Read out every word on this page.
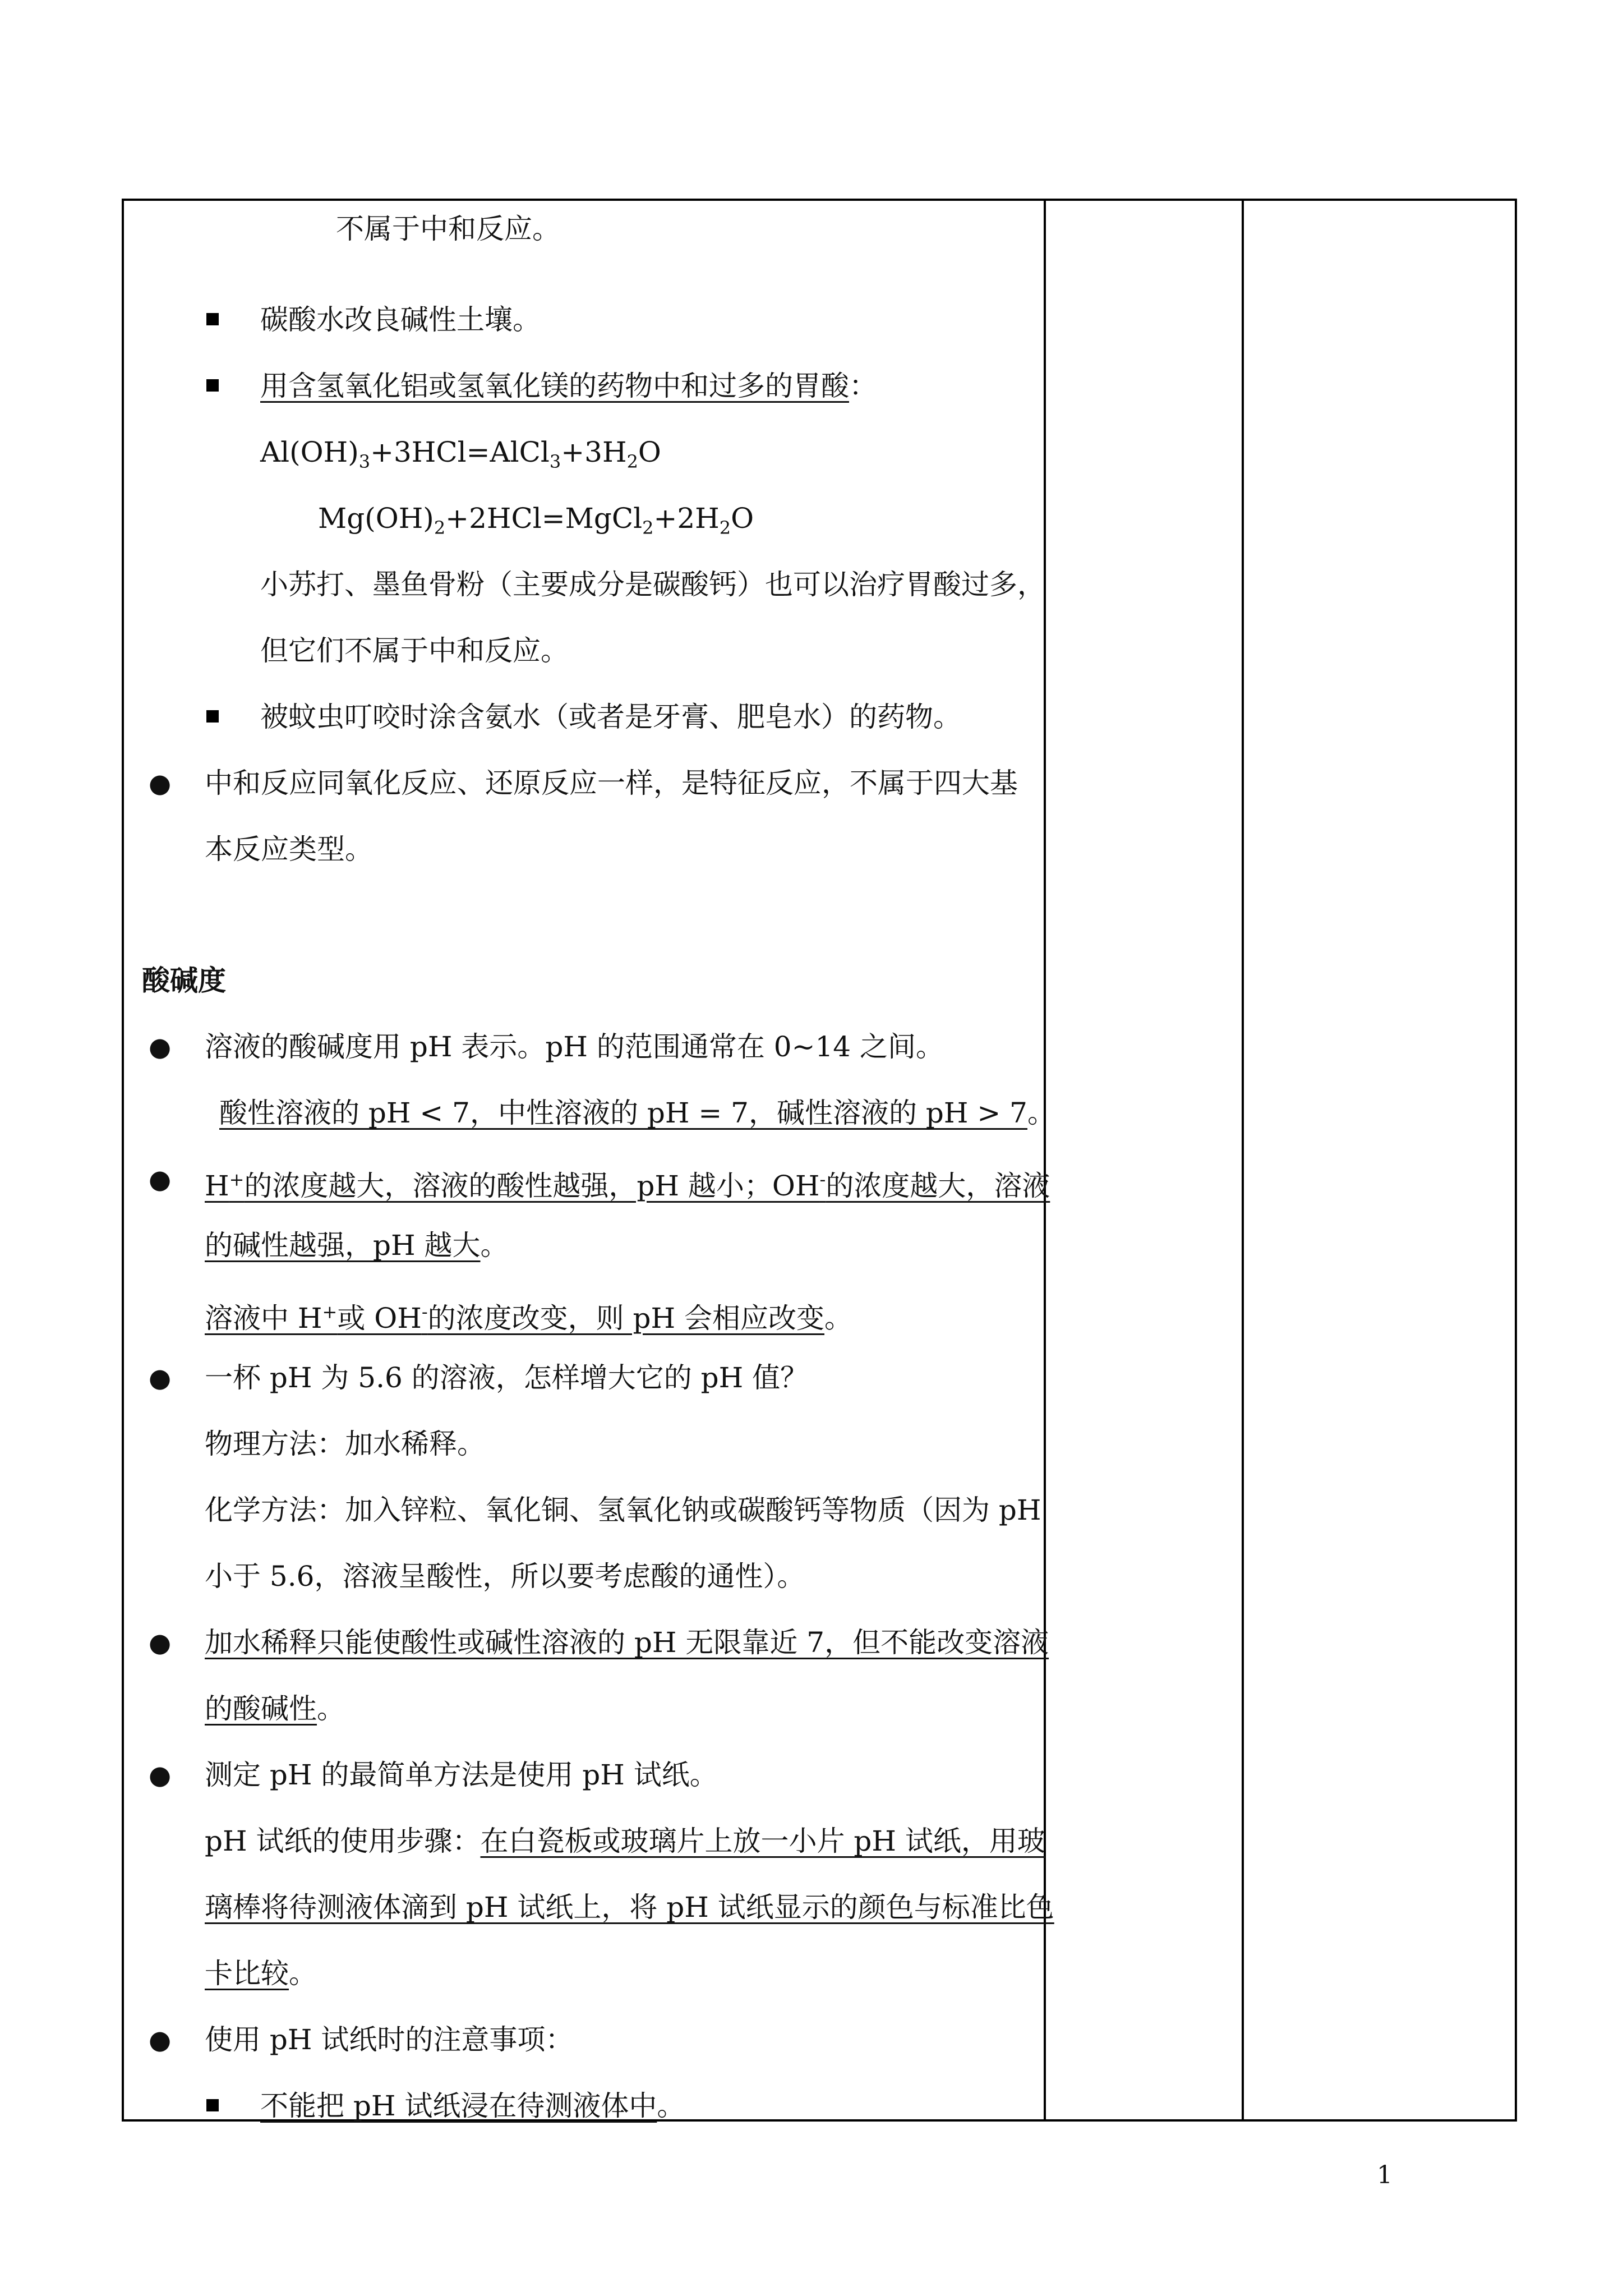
不属于中和反应。
碳酸水改良碱性土壤。
用含氢氧化铝或氢氧化镁的药物中和过多的胃酸：
$Al(OH)_3+3HCl=AlCl_3+3H_2O$
$Mg(OH)_2+2HCl=MgCl_2+2H_2O$
小苏打、墨鱼骨粉（主要成分是碳酸钙）也可以治疗胃酸过多，
但它们不属于中和反应。
被蚊虫叮咬时涂含氨水（或者是牙膏、肥皂水）的药物。
● 中和反应同氧化反应、还原反应一样，是特征反应，不属于四大基
本反应类型。
酸碱度
● 溶液的酸碱度用 pH 表示。pH 的范围通常在 0~14 之间。
酸性溶液的 pH < 7，中性溶液的 pH = 7，碱性溶液的 pH > 7。
● H+的浓度越大，溶液的酸性越强，pH 越小；OH-的浓度越大，溶液
的碱性越强，pH 越大。
溶液中 H+或 OH-的浓度改变，则 pH 会相应改变。
● 一杯 pH 为 5.6 的溶液，怎样增大它的 pH 值？
物理方法：加水稀释。
化学方法：加入锌粒、氧化铜、氢氧化钠或碳酸钙等物质（因为 pH
小于 5.6，溶液呈酸性，所以要考虑酸的通性）。
● 加水稀释只能使酸性或碱性溶液的 pH 无限靠近 7，但不能改变溶液
的酸碱性。
● 测定 pH 的最简单方法是使用 pH 试纸。
pH 试纸的使用步骤：在白瓷板或玻璃片上放一小片 pH 试纸，用玻
璃棒将待测液体滴到 pH 试纸上，将 pH 试纸显示的颜色与标准比色
卡比较。
● 使用 pH 试纸时的注意事项：
不能把 pH 试纸浸在待测液体中。
1
